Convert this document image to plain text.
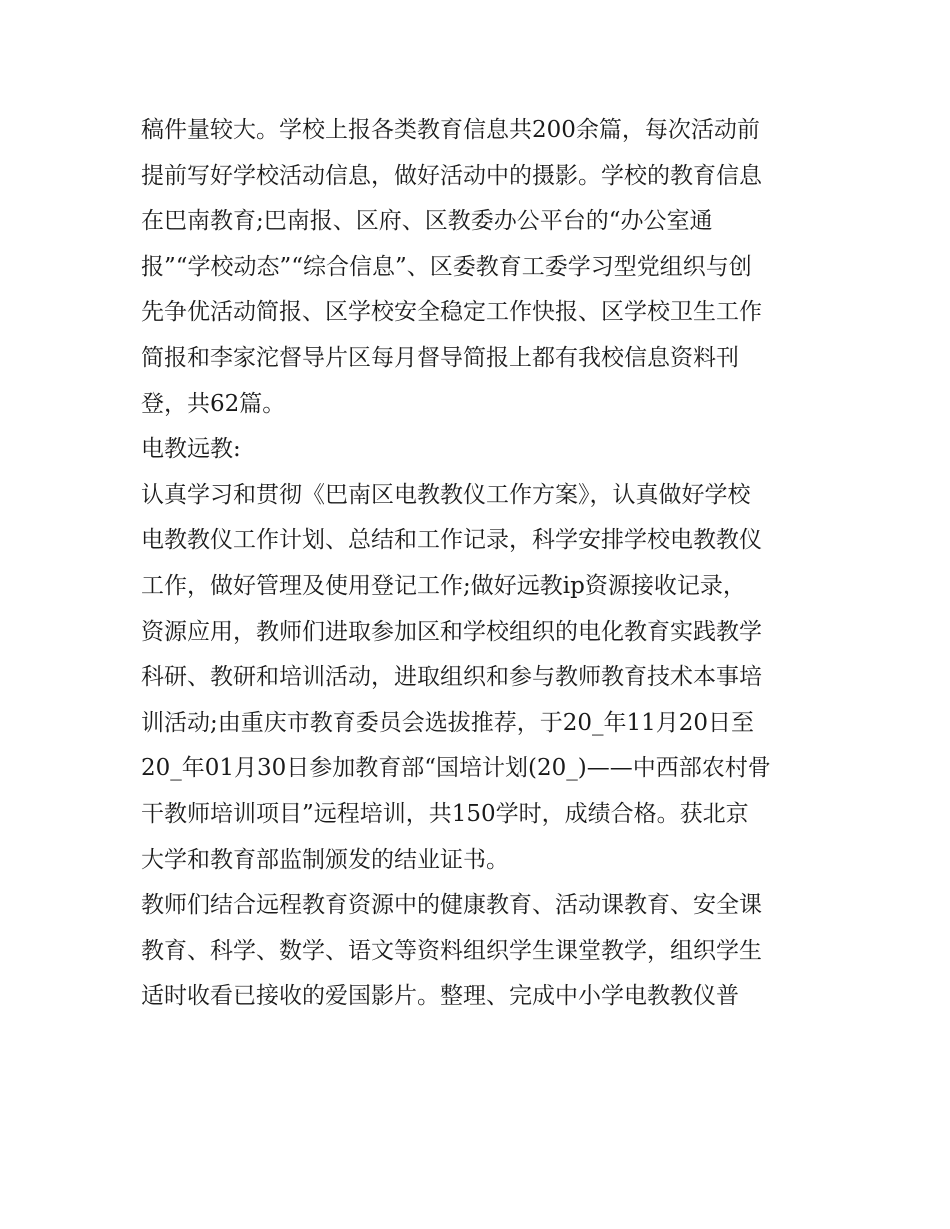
稿件量较大。学校上报各类教育信息共200余篇，每次活动前
提前写好学校活动信息，做好活动中的摄影。学校的教育信息
在巴南教育;巴南报、区府、区教委办公平台的“办公室通
报”“学校动态”“综合信息”、区委教育工委学习型党组织与创
先争优活动简报、区学校安全稳定工作快报、区学校卫生工作
简报和李家沱督导片区每月督导简报上都有我校信息资料刊
登，共62篇。
电教远教:
认真学习和贯彻《巴南区电教教仪工作方案》，认真做好学校
电教教仪工作计划、总结和工作记录，科学安排学校电教教仪
工作，做好管理及使用登记工作;做好远教ip资源接收记录，
资源应用，教师们进取参加区和学校组织的电化教育实践教学
科研、教研和培训活动，进取组织和参与教师教育技术本事培
训活动;由重庆市教育委员会选拔推荐，于20_年11月20日至
20_年01月30日参加教育部“国培计划(20_)——中西部农村骨
干教师培训项目”远程培训，共150学时，成绩合格。获北京
大学和教育部监制颁发的结业证书。
教师们结合远程教育资源中的健康教育、活动课教育、安全课
教育、科学、数学、语文等资料组织学生课堂教学，组织学生
适时收看已接收的爱国影片。整理、完成中小学电教教仪普
